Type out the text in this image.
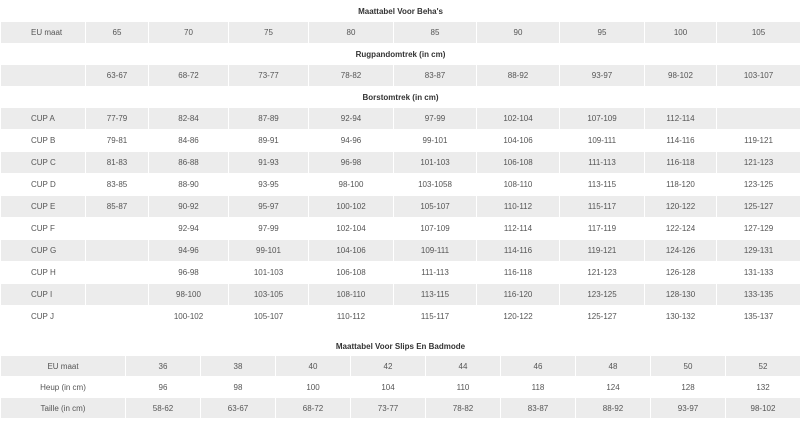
Maattabel Voor Beha's									
EU maat	65	70	75	80	85	90	95	100	105
Rugpandomtrek (in cm)									
	63-67	68-72	73-77	78-82	83-87	88-92	93-97	98-102	103-107
Borstomtrek (in cm)									
CUP A	77-79	82-84	87-89	92-94	97-99	102-104	107-109	112-114	
CUP B	79-81	84-86	89-91	94-96	99-101	104-106	109-111	114-116	119-121
CUP C	81-83	86-88	91-93	96-98	101-103	106-108	111-113	116-118	121-123
CUP D	83-85	88-90	93-95	98-100	103-1058	108-110	113-115	118-120	123-125
CUP E	85-87	90-92	95-97	100-102	105-107	110-112	115-117	120-122	125-127
CUP F		92-94	97-99	102-104	107-109	112-114	117-119	122-124	127-129
CUP G		94-96	99-101	104-106	109-111	114-116	119-121	124-126	129-131
CUP H		96-98	101-103	106-108	111-113	116-118	121-123	126-128	131-133
CUP I		98-100	103-105	108-110	113-115	116-120	123-125	128-130	133-135
CUP J		100-102	105-107	110-112	115-117	120-122	125-127	130-132	135-137
Maattabel Voor Slips En Badmode									
EU maat	36	38	40	42	44	46	48	50	52
Heup (in cm)	96	98	100	104	110	118	124	128	132
Taille (in cm)	58-62	63-67	68-72	73-77	78-82	83-87	88-92	93-97	98-102
